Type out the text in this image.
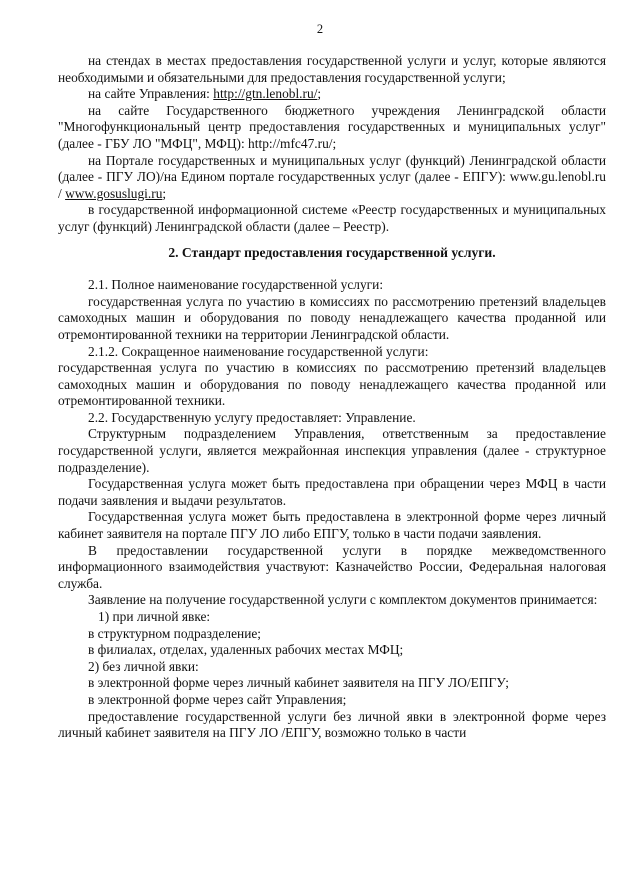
2

на стендах в местах предоставления государственной услуги и услуг, которые являются необходимыми и обязательными для предоставления государственной услуги;

на сайте Управления: http://gtn.lenobl.ru/;

на сайте Государственного бюджетного учреждения Ленинградской области "Многофункциональный центр предоставления государственных и муниципальных услуг" (далее - ГБУ ЛО "МФЦ", МФЦ): http://mfc47.ru/;

на Портале государственных и муниципальных услуг (функций) Ленинградской области (далее - ПГУ ЛО)/на Едином портале государственных услуг (далее - ЕПГУ): www.gu.lenobl.ru / www.gosuslugi.ru;

в государственной информационной системе «Реестр государственных и муниципальных услуг (функций) Ленинградской области (далее – Реестр).

2. Стандарт предоставления государственной услуги.

2.1. Полное наименование государственной услуги:

государственная услуга по участию в комиссиях по рассмотрению претензий владельцев самоходных машин и оборудования по поводу ненадлежащего качества проданной или отремонтированной техники на территории Ленинградской области.

2.1.2. Сокращенное наименование государственной услуги:

государственная услуга по участию в комиссиях по рассмотрению претензий владельцев самоходных машин и оборудования по поводу ненадлежащего качества проданной или отремонтированной техники.

2.2. Государственную услугу предоставляет: Управление.

Структурным подразделением Управления, ответственным за предоставление государственной услуги, является межрайонная инспекция управления (далее - структурное подразделение).

Государственная услуга может быть предоставлена при обращении через МФЦ в части подачи заявления и выдачи результатов.

Государственная услуга может быть предоставлена в электронной форме через личный кабинет заявителя на портале ПГУ ЛО либо ЕПГУ, только в части подачи заявления.

В предоставлении государственной услуги в порядке межведомственного информационного взаимодействия участвуют: Казначейство России, Федеральная налоговая служба.

Заявление на получение государственной услуги с комплектом документов принимается:

1) при личной явке:

в структурном подразделение;

в филиалах, отделах, удаленных рабочих местах МФЦ;

2) без личной явки:

в электронной форме через личный кабинет заявителя на ПГУ ЛО/ЕПГУ;

в электронной форме через сайт Управления;

предоставление государственной услуги без личной явки в электронной форме через личный кабинет заявителя на ПГУ ЛО /ЕПГУ, возможно только в части
